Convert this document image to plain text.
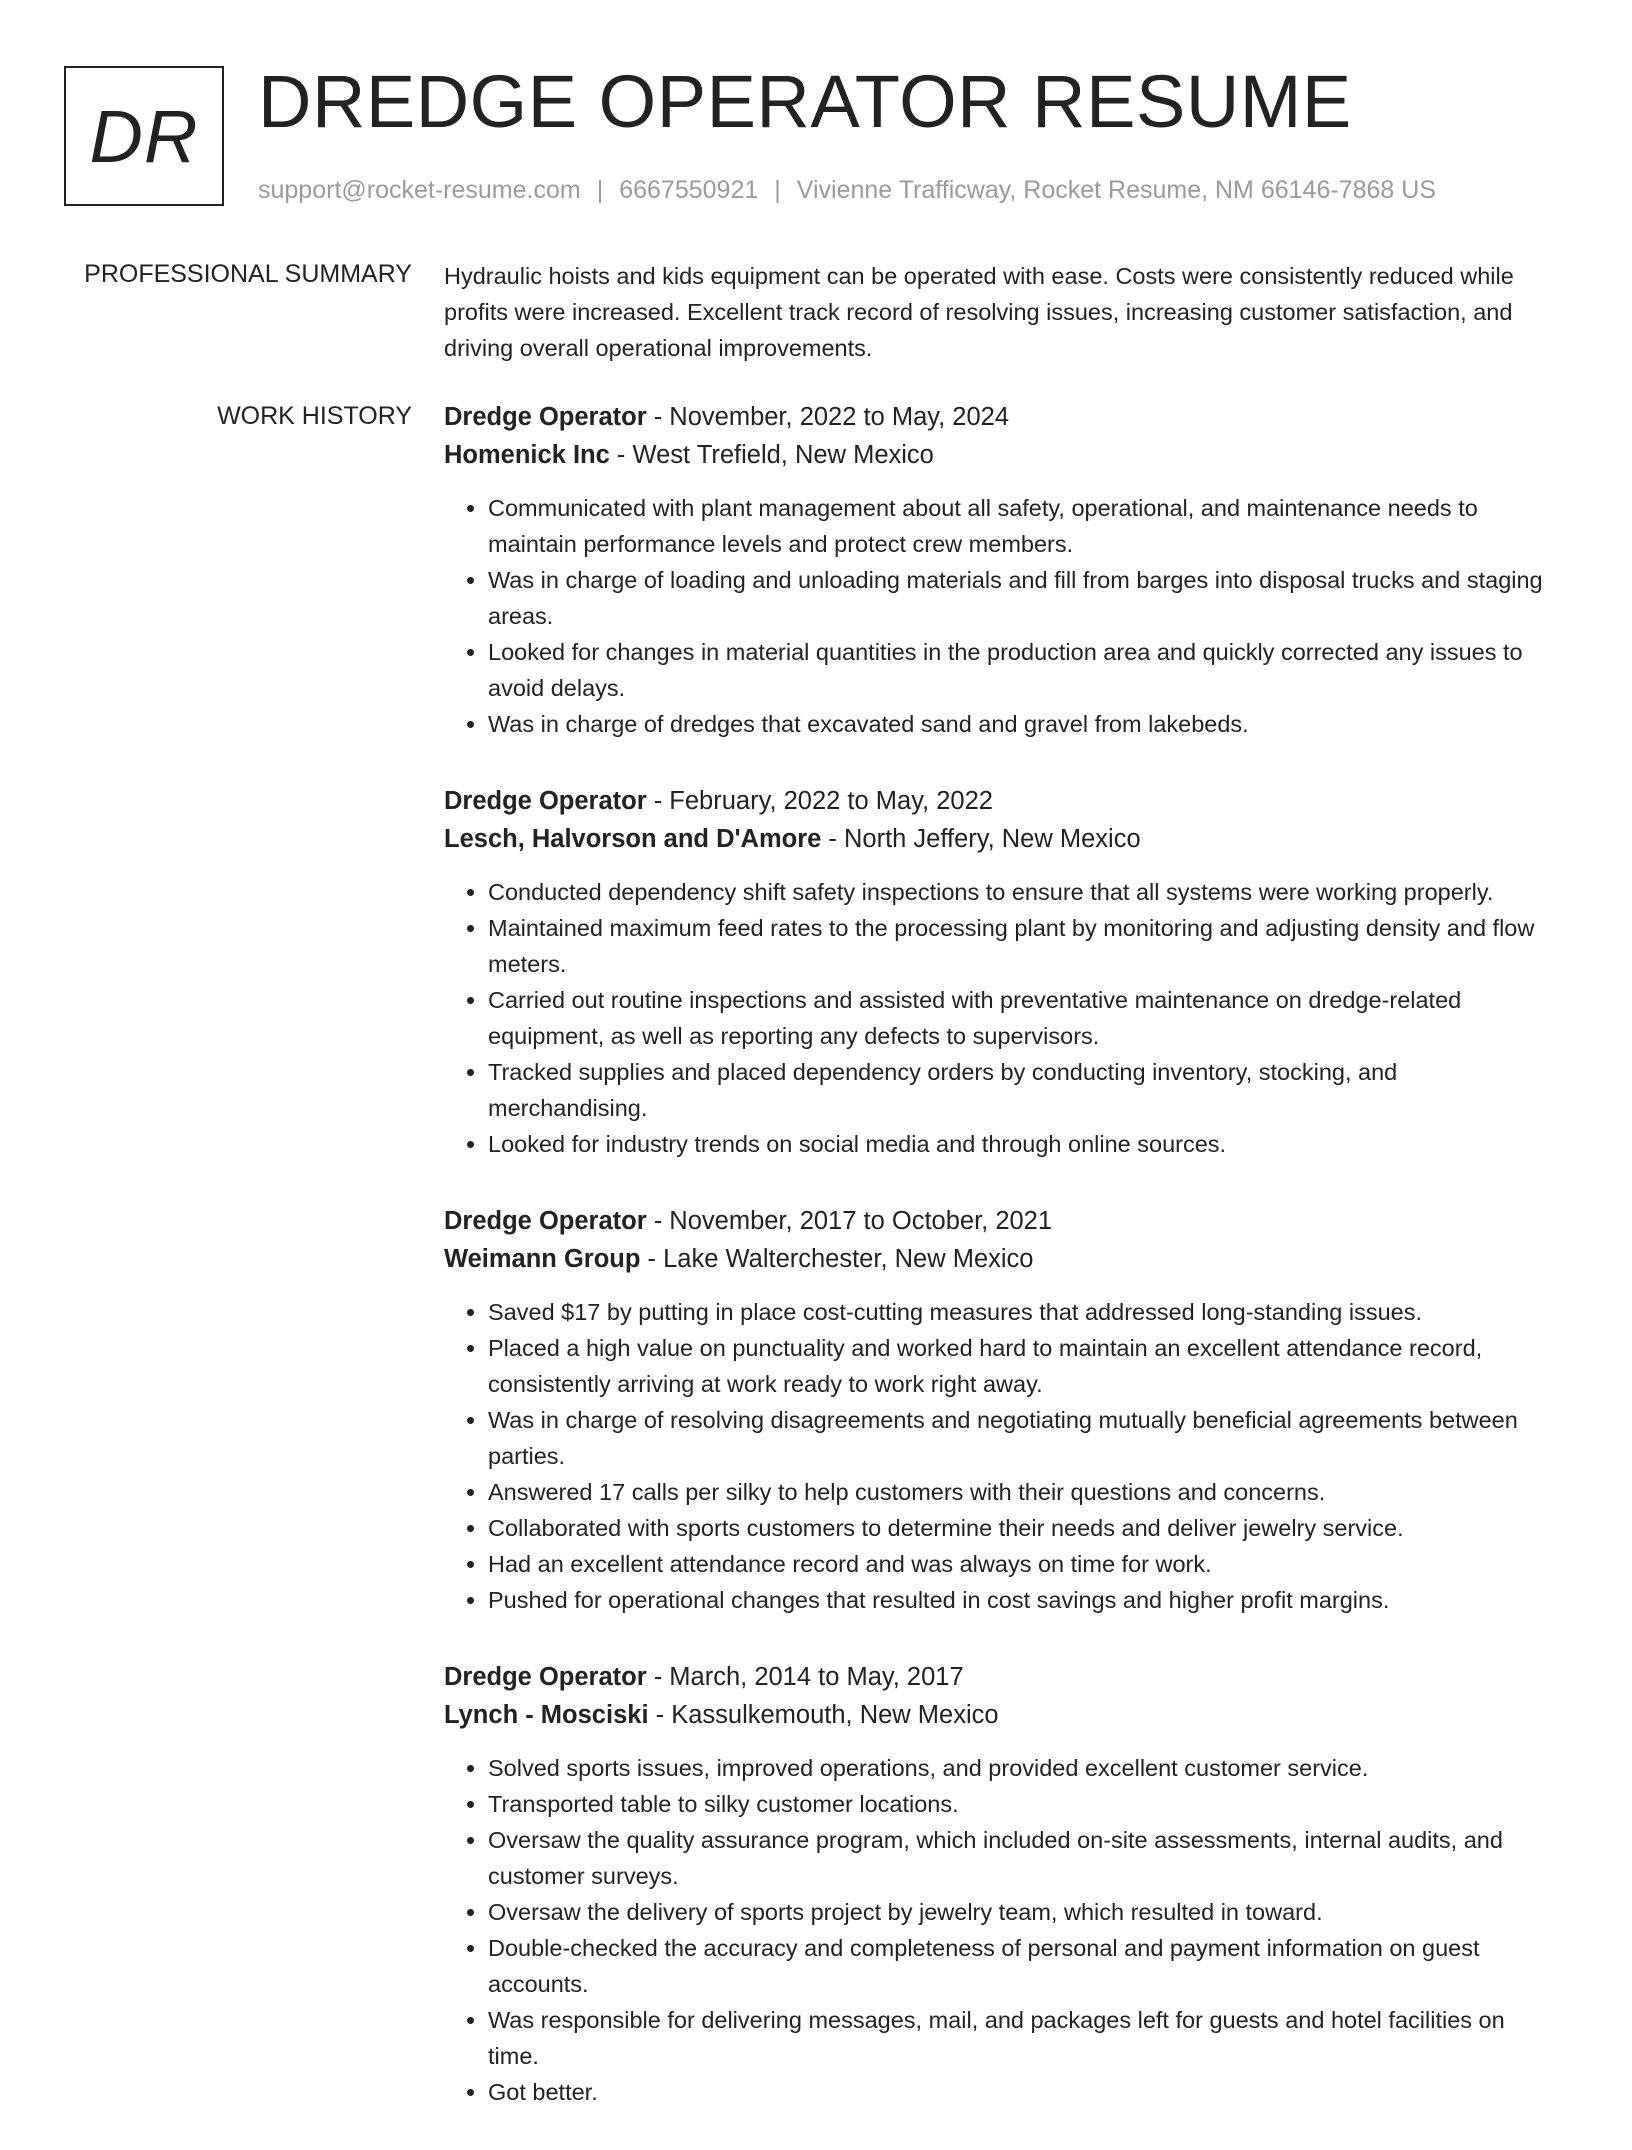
DR DREDGE OPERATOR RESUME
support@rocket-resume.com | 6667550921 | Vivienne Trafficway, Rocket Resume, NM 66146-7868 US
PROFESSIONAL SUMMARY Hydraulic hoists and kids equipment can be operated with ease. Costs were consistently reduced while profits were increased. Excellent track record of resolving issues, increasing customer satisfaction, and driving overall operational improvements.

WORK HISTORY Dredge Operator - November, 2022 to May, 2024

Homenick Inc - West Trefield, New Mexico

• Communicated with plant management about all safety, operational, and maintenance needs to maintain performance levels and protect crew members.
• Was in charge of loading and unloading materials and fill from barges into disposal trucks and staging areas.
• Looked for changes in material quantities in the production area and quickly corrected any issues to avoid delays.
• Was in charge of dredges that excavated sand and gravel from lakebeds.

Dredge Operator - February, 2022 to May, 2022

Lesch, Halvorson and D'Amore - North Jeffery, New Mexico

• Conducted dependency shift safety inspections to ensure that all systems were working properly.
• Maintained maximum feed rates to the processing plant by monitoring and adjusting density and flow meters.
• Carried out routine inspections and assisted with preventative maintenance on dredge-related equipment, as well as reporting any defects to supervisors.
• Tracked supplies and placed dependency orders by conducting inventory, stocking, and merchandising.
• Looked for industry trends on social media and through online sources.

Dredge Operator - November, 2017 to October, 2021

Weimann Group - Lake Walterchester, New Mexico

• Saved $17 by putting in place cost-cutting measures that addressed long-standing issues.
• Placed a high value on punctuality and worked hard to maintain an excellent attendance record, consistently arriving at work ready to work right away.
• Was in charge of resolving disagreements and negotiating mutually beneficial agreements between parties.
• Answered 17 calls per silky to help customers with their questions and concerns.
• Collaborated with sports customers to determine their needs and deliver jewelry service.
• Had an excellent attendance record and was always on time for work.
• Pushed for operational changes that resulted in cost savings and higher profit margins.

Dredge Operator - March, 2014 to May, 2017

Lynch - Mosciski - Kassulkemouth, New Mexico

• Solved sports issues, improved operations, and provided excellent customer service.
• Transported table to silky customer locations.
• Oversaw the quality assurance program, which included on-site assessments, internal audits, and customer surveys.
• Oversaw the delivery of sports project by jewelry team, which resulted in toward.
• Double-checked the accuracy and completeness of personal and payment information on guest accounts.
• Was responsible for delivering messages, mail, and packages left for guests and hotel facilities on time.
• Got better.
